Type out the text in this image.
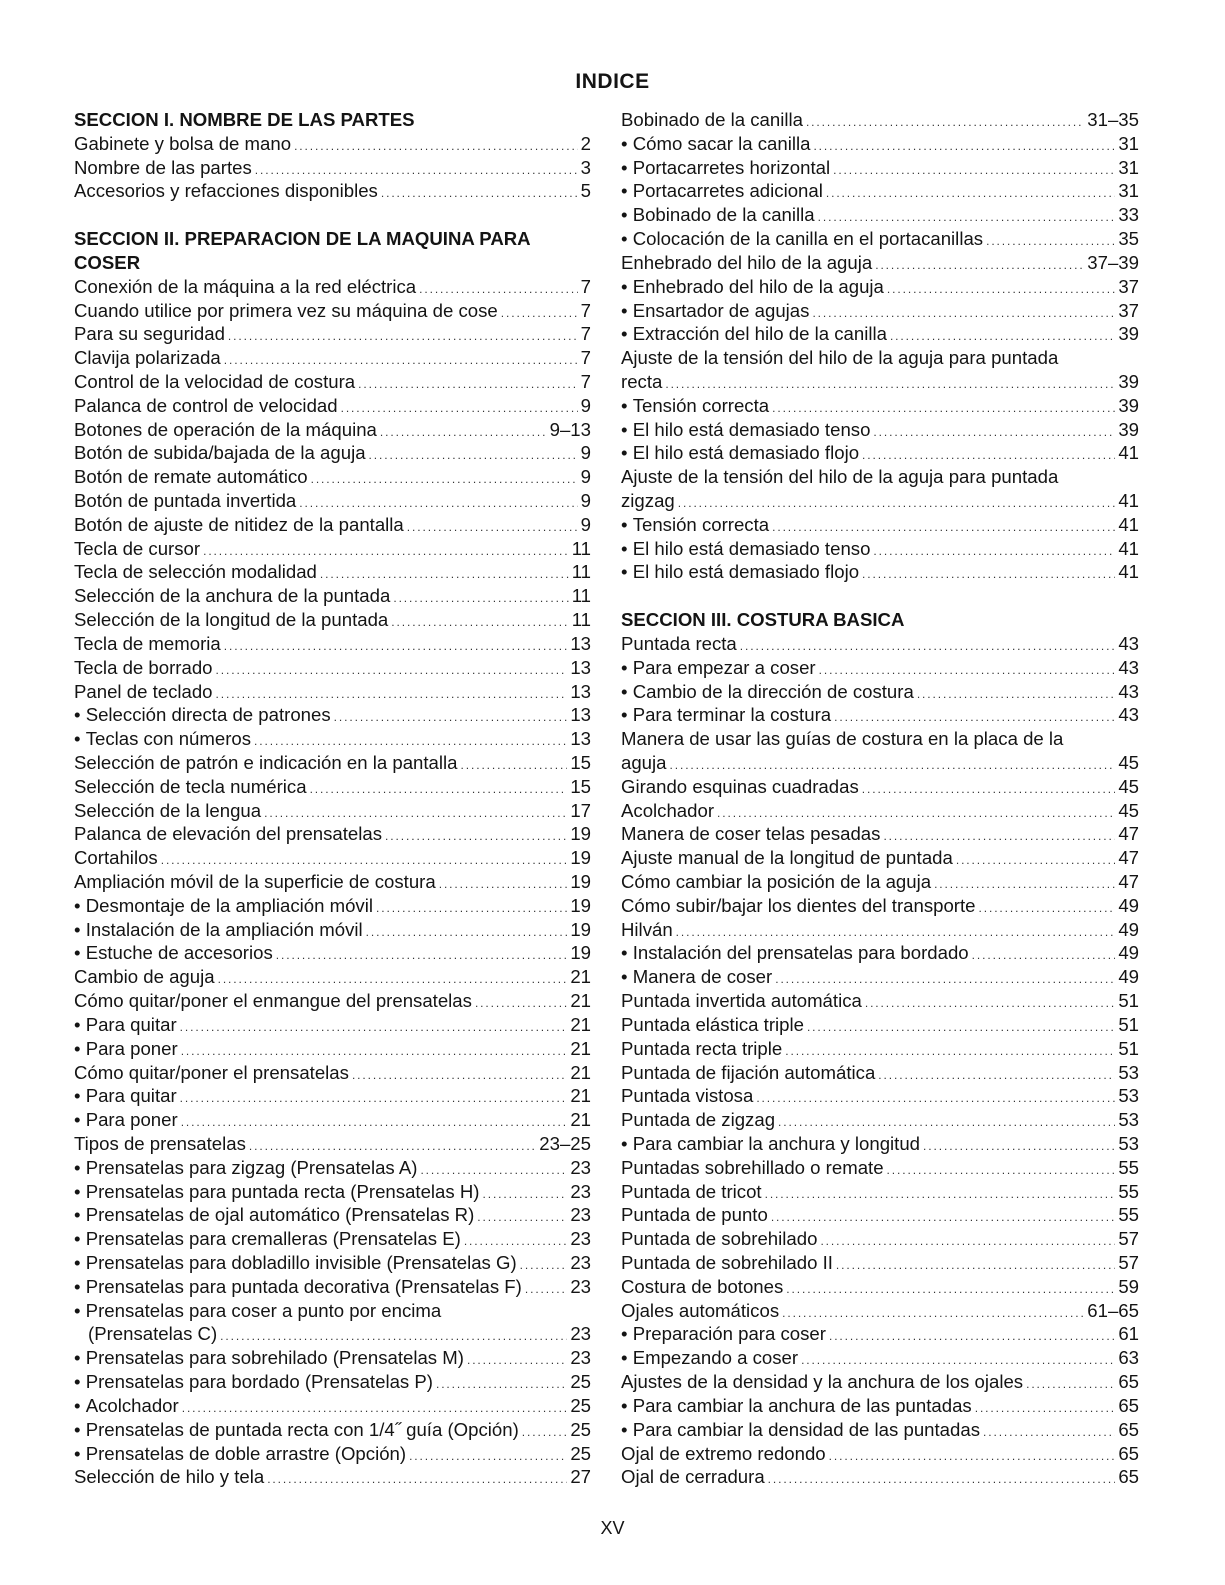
INDICE
SECCION I. NOMBRE DE LAS PARTES
Gabinete y bolsa de mano .....	2
Nombre de las partes .....	3
Accesorios y refacciones disponibles .....	5
SECCION II. PREPARACION DE LA MAQUINA PARA
COSER
Conexión de la máquina a la red eléctrica .....	7
Cuando utilice por primera vez su máquina de cose .....	7
Para su seguridad .....	7
Clavija polarizada .....	7
Control de la velocidad de costura .....	7
Palanca de control de velocidad .....	9
Botones de operación de la máquina .....	9–13
Botón de subida/bajada de la aguja .....	9
Botón de remate automático .....	9
Botón de puntada invertida .....	9
Botón de ajuste de nitidez de la pantalla .....	9
Tecla de cursor .....	11
Tecla de selección modalidad .....	11
Selección de la anchura de la puntada .....	11
Selección de la longitud de la puntada .....	11
Tecla de memoria .....	13
Tecla de borrado .....	13
Panel de teclado .....	13
• Selección directa de patrones .....	13
• Teclas con números .....	13
Selección de patrón e indicación en la pantalla .....	15
Selección de tecla numérica .....	15
Selección de la lengua .....	17
Palanca de elevación del prensatelas .....	19
Cortahilos .....	19
Ampliación móvil de la superficie de costura .....	19
• Desmontaje de la ampliación móvil .....	19
• Instalación de la ampliación móvil .....	19
• Estuche de accesorios .....	19
Cambio de aguja .....	21
Cómo quitar/poner el enmangue del prensatelas .....	21
• Para quitar .....	21
• Para poner .....	21
Cómo quitar/poner el prensatelas .....	21
• Para quitar .....	21
• Para poner .....	21
Tipos de prensatelas .....	23–25
• Prensatelas para zigzag (Prensatelas A) .....	23
• Prensatelas para puntada recta (Prensatelas H) .....	23
• Prensatelas de ojal automático (Prensatelas R) .....	23
• Prensatelas para cremalleras (Prensatelas E) .....	23
• Prensatelas para dobladillo invisible (Prensatelas G) .....	23
• Prensatelas para puntada decorativa (Prensatelas F) .....	23
• Prensatelas para coser a punto por encima
(Prensatelas C) .....	23
• Prensatelas para sobrehilado (Prensatelas M) .....	23
• Prensatelas para bordado (Prensatelas P) .....	25
• Acolchador .....	25
• Prensatelas de puntada recta con 1/4˝ guía (Opción) .....	25
• Prensatelas de doble arrastre (Opción) .....	25
Selección de hilo y tela .....	27
Bobinado de la canilla .....	31–35
• Cómo sacar la canilla .....	31
• Portacarretes horizontal .....	31
• Portacarretes adicional .....	31
• Bobinado de la canilla .....	33
• Colocación de la canilla en el portacanillas .....	35
Enhebrado del hilo de la aguja .....	37–39
• Enhebrado del hilo de la aguja .....	37
• Ensartador de agujas .....	37
• Extracción del hilo de la canilla .....	39
Ajuste de la tensión del hilo de la aguja para puntada
recta .....	39
• Tensión correcta .....	39
• El hilo está demasiado tenso .....	39
• El hilo está demasiado flojo .....	41
Ajuste de la tensión del hilo de la aguja para puntada
zigzag .....	41
• Tensión correcta .....	41
• El hilo está demasiado tenso .....	41
• El hilo está demasiado flojo .....	41
SECCION III. COSTURA BASICA
Puntada recta .....	43
• Para empezar a coser .....	43
• Cambio de la dirección de costura .....	43
• Para terminar la costura .....	43
Manera de usar las guías de costura en la placa de la
aguja .....	45
Girando esquinas cuadradas .....	45
Acolchador .....	45
Manera de coser telas pesadas .....	47
Ajuste manual de la longitud de puntada .....	47
Cómo cambiar la posición de la aguja .....	47
Cómo subir/bajar los dientes del transporte .....	49
Hilván .....	49
• Instalación del prensatelas para bordado .....	49
• Manera de coser .....	49
Puntada invertida automática .....	51
Puntada elástica triple .....	51
Puntada recta triple .....	51
Puntada de fijación automática .....	53
Puntada vistosa .....	53
Puntada de zigzag .....	53
• Para cambiar la anchura y longitud .....	53
Puntadas sobrehillado o remate .....	55
Puntada de tricot .....	55
Puntada de punto .....	55
Puntada de sobrehilado .....	57
Puntada de sobrehilado II .....	57
Costura de botones .....	59
Ojales automáticos .....	61–65
• Preparación para coser .....	61
• Empezando a coser .....	63
Ajustes de la densidad y la anchura de los ojales .....	65
• Para cambiar la anchura de las puntadas .....	65
• Para cambiar la densidad de las puntadas .....	65
Ojal de extremo redondo .....	65
Ojal de cerradura .....	65
XV
